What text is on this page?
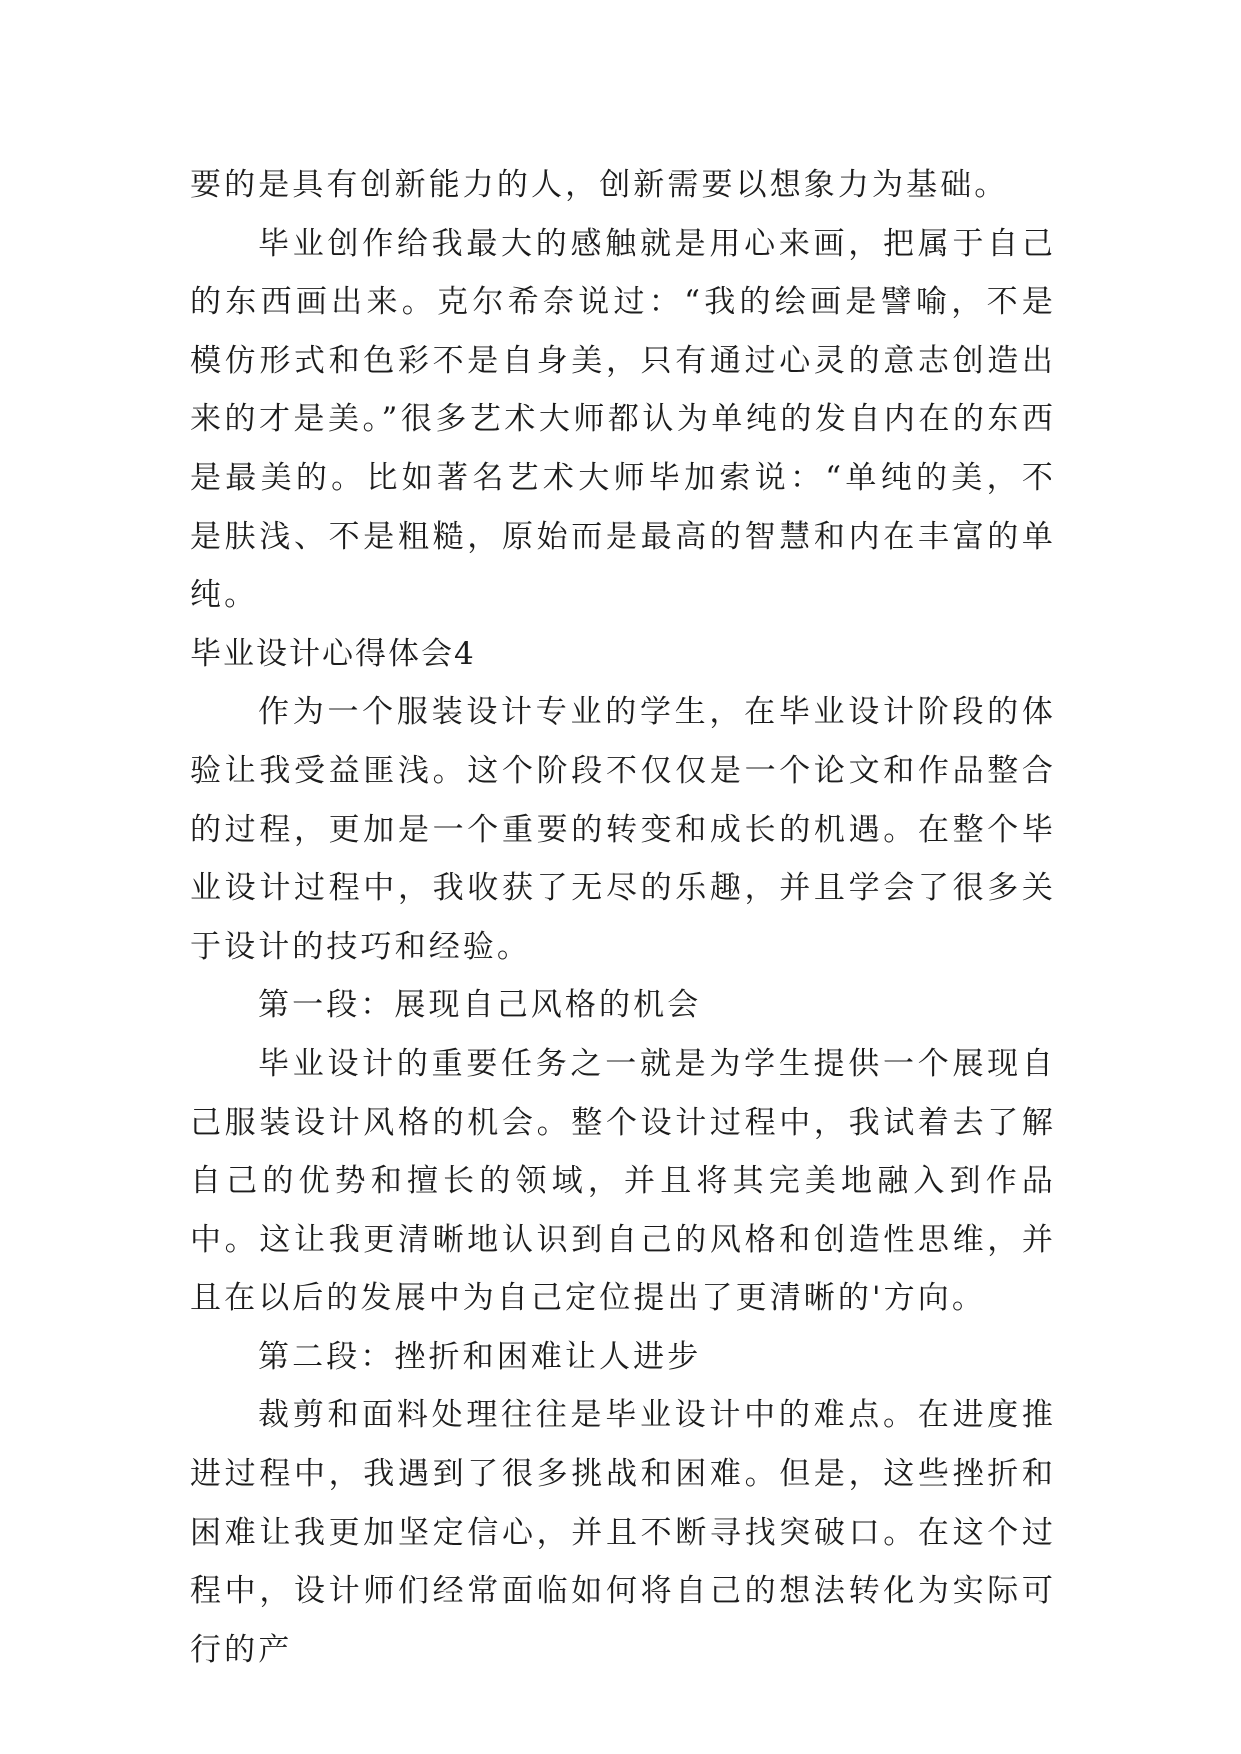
要的是具有创新能力的人，创新需要以想象力为基础。

毕业创作给我最大的感触就是用心来画，把属于自己的东西画出来。克尔希奈说过：“我的绘画是譬喻，不是模仿形式和色彩不是自身美，只有通过心灵的意志创造出来的才是美。”很多艺术大师都认为单纯的发自内在的东西是最美的。比如著名艺术大师毕加索说：“单纯的美，不是肤浅、不是粗糙，原始而是最高的智慧和内在丰富的单纯。

毕业设计心得体会4

作为一个服装设计专业的学生，在毕业设计阶段的体验让我受益匪浅。这个阶段不仅仅是一个论文和作品整合的过程，更加是一个重要的转变和成长的机遇。在整个毕业设计过程中，我收获了无尽的乐趣，并且学会了很多关于设计的技巧和经验。

第一段：展现自己风格的机会

毕业设计的重要任务之一就是为学生提供一个展现自己服装设计风格的机会。整个设计过程中，我试着去了解自己的优势和擅长的领域，并且将其完美地融入到作品中。这让我更清晰地认识到自己的风格和创造性思维，并且在以后的发展中为自己定位提出了更清晰的'方向。

第二段：挫折和困难让人进步

裁剪和面料处理往往是毕业设计中的难点。在进度推进过程中，我遇到了很多挑战和困难。但是，这些挫折和困难让我更加坚定信心，并且不断寻找突破口。在这个过程中，设计师们经常面临如何将自己的想法转化为实际可行的产
